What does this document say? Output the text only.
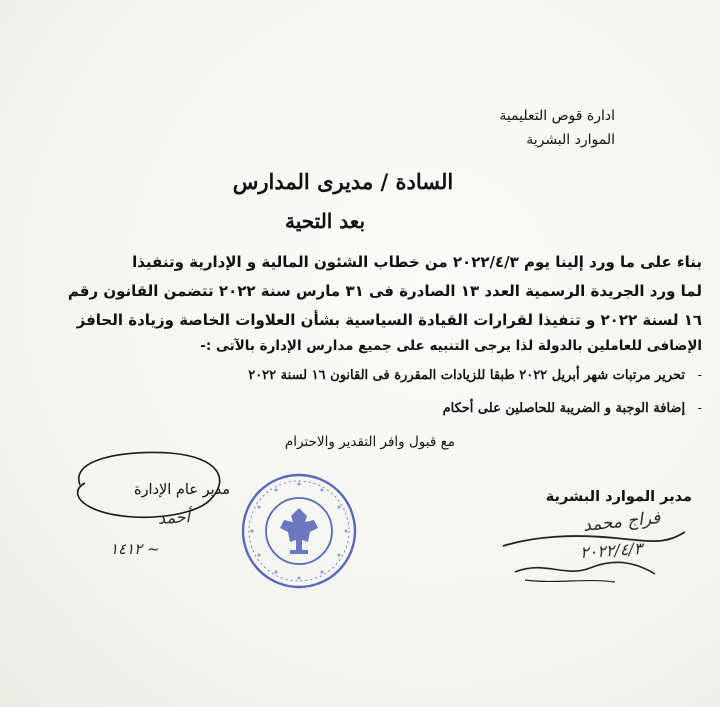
ادارة قوص التعليمية
الموارد البشرية
السادة / مديرى المدارس
بعد التحية
بناء على ما ورد إلينا يوم ٢٠٢٢/٤/٣ من خطاب الشئون المالية و الإدارية وتنفيذا
لما ورد الجريدة الرسمية العدد ١٣ الصادرة فى ٣١ مارس سنة ٢٠٢٢ تتضمن القانون رقم
١٦ لسنة ٢٠٢٢ و تنفيذا لقرارات القيادة السياسية بشأن العلاوات الخاصة وزيادة الحافز
الإضافى للعاملين بالدولة لذا يرجى التنبيه على جميع مدارس الإدارة بالآتى :-
- تحرير مرتبات شهر أبريل ٢٠٢٢ طبقا للزيادات المقررة فى القانون ١٦ لسنة ٢٠٢٢
- إضافة الوجبة و الضريبة للحاصلين على أحكام
مع قبول وافر التقدير والاحترام
مدير الموارد البشرية
فراج محمد
٢٠٢٢/٤/٣
مدير عام الإدارة
أحمد
١٤١٢ ~
